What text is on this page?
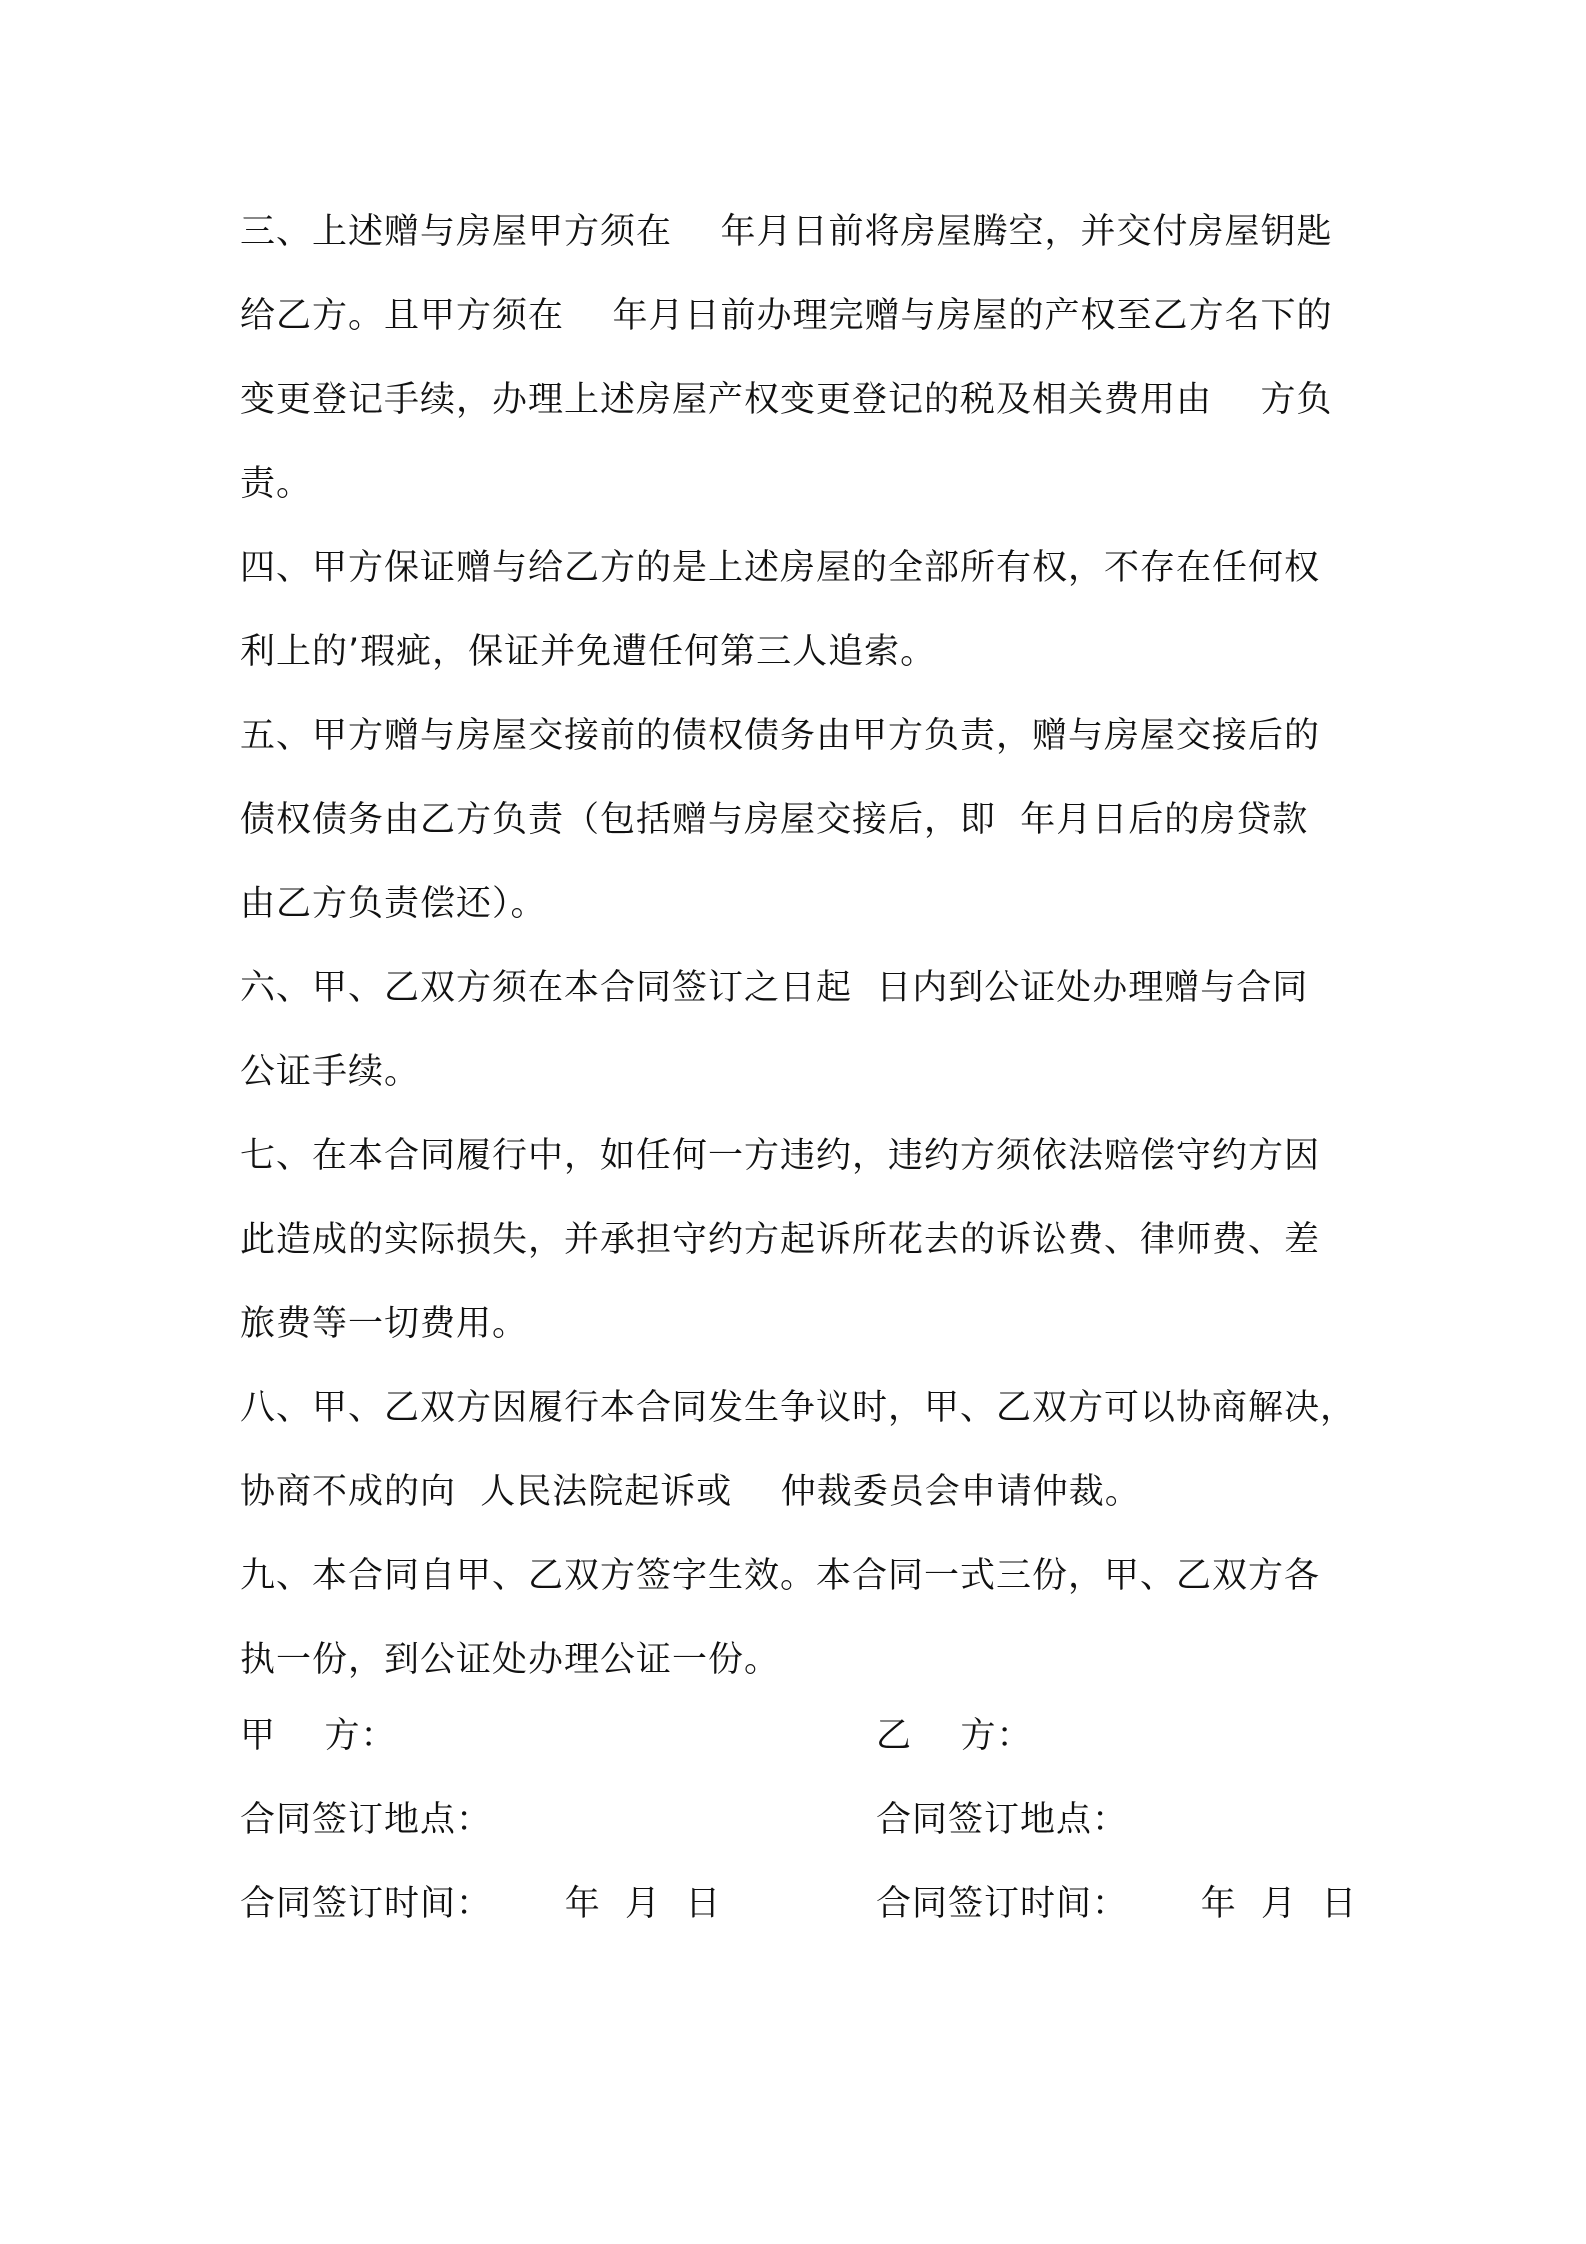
三、上述赠与房屋甲方须在    年月日前将房屋腾空，并交付房屋钥匙
给乙方。且甲方须在    年月日前办理完赠与房屋的产权至乙方名下的
变更登记手续，办理上述房屋产权变更登记的税及相关费用由    方负
责。
四、甲方保证赠与给乙方的是上述房屋的全部所有权，不存在任何权
利上的’瑕疵，保证并免遭任何第三人追索。
五、甲方赠与房屋交接前的债权债务由甲方负责，赠与房屋交接后的
债权债务由乙方负责（包括赠与房屋交接后，即  年月日后的房贷款
由乙方负责偿还）。
六、甲、乙双方须在本合同签订之日起  日内到公证处办理赠与合同
公证手续。
七、在本合同履行中，如任何一方违约，违约方须依法赔偿守约方因
此造成的实际损失，并承担守约方起诉所花去的诉讼费、律师费、差
旅费等一切费用。
八、甲、乙双方因履行本合同发生争议时，甲、乙双方可以协商解决，
协商不成的向  人民法院起诉或    仲裁委员会申请仲裁。
九、本合同自甲、乙双方签字生效。本合同一式三份，甲、乙双方各
执一份，到公证处办理公证一份。
甲    方：	乙    方：
合同签订地点：	合同签订地点：
合同签订时间：      年  月  日	合同签订时间：      年  月  日
